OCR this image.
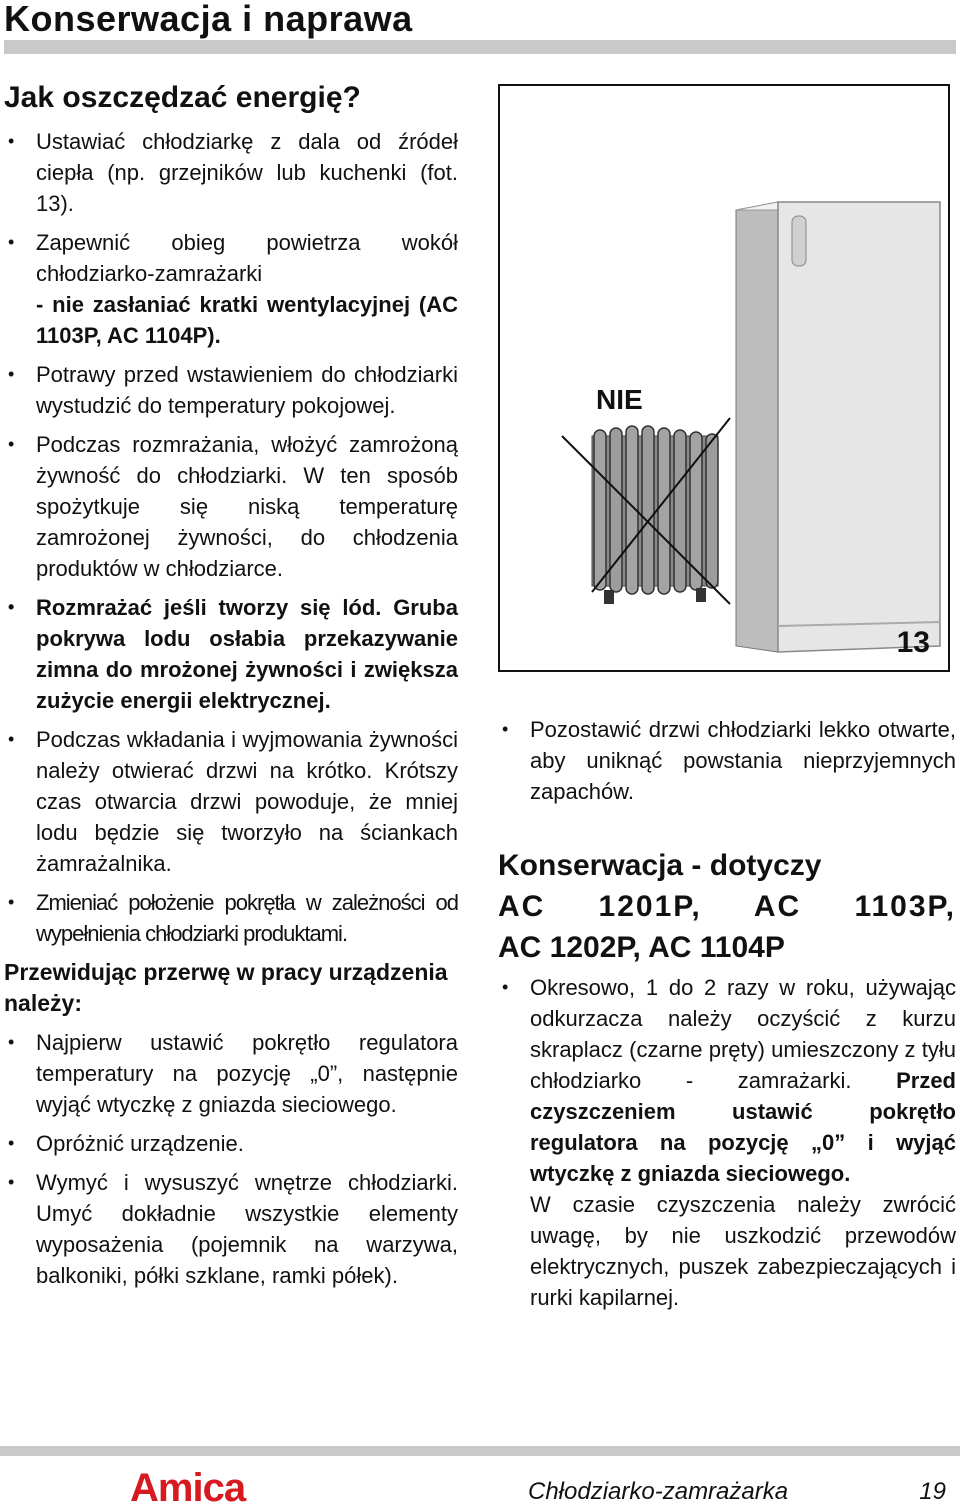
Konserwacja i naprawa
Jak oszczędzać energię?
• Ustawiać chłodziarkę z dala od źródeł ciepła (np. grzejników lub kuchenki (fot. 13).
• Zapewnić obieg powietrza wokół chłodziarko-zamrażarki
- nie zasłaniać kratki wentylacyjnej (AC 1103P, AC 1104P).
• Potrawy przed wstawieniem do chłodziarki wystudzić do temperatury pokojowej.
• Podczas rozmrażania, włożyć zamrożoną żywność do chłodziarki. W ten sposób spożytkuje się niską temperaturę zamrożonej żywności, do chłodzenia produktów w chłodziarce.
• Rozmrażać jeśli tworzy się lód. Gruba pokrywa lodu osłabia przekazywanie zimna do mrożonej żywności i zwiększa zużycie energii elektrycznej.
• Podczas wkładania i wyjmowania żywności należy otwierać drzwi na krótko. Krótszy czas otwarcia drzwi powoduje, że mniej lodu będzie się tworzyło na ściankach żamrażalnika.
• Zmieniać położenie pokrętła w zależności od wypełnienia chłodziarki produktami.
Przewidując przerwę w pracy urządzenia należy:
• Najpierw ustawić pokrętło regulatora temperatury na pozycję „0”, następnie wyjąć wtyczkę z gniazda sieciowego.
• Opróżnić urządzenie.
• Wymyć i wysuszyć wnętrze chłodziarki. Umyć dokładnie wszystkie elementy wyposażenia (pojemnik na warzywa, balkoniki, półki szklane, ramki półek).
NIE
13
• Pozostawić drzwi chłodziarki lekko otwarte, aby uniknąć powstania nieprzyjemnych zapachów.
Konserwacja - dotyczy
AC 1201P, AC 1103P,
AC 1202P, AC 1104P
• Okresowo, 1 do 2 razy w roku, używając odkurzacza należy oczyścić z kurzu skraplacz (czarne pręty) umieszczony z tyłu chłodziarko - zamrażarki. Przed czyszczeniem ustawić pokrętło regulatora na pozycję „0” i wyjąć wtyczkę z gniazda sieciowego.
W czasie czyszczenia należy zwrócić uwagę, by nie uszkodzić przewodów elektrycznych, puszek zabezpieczających i rurki kapilarnej.
Amica	Chłodziarko-zamrażarka	19
